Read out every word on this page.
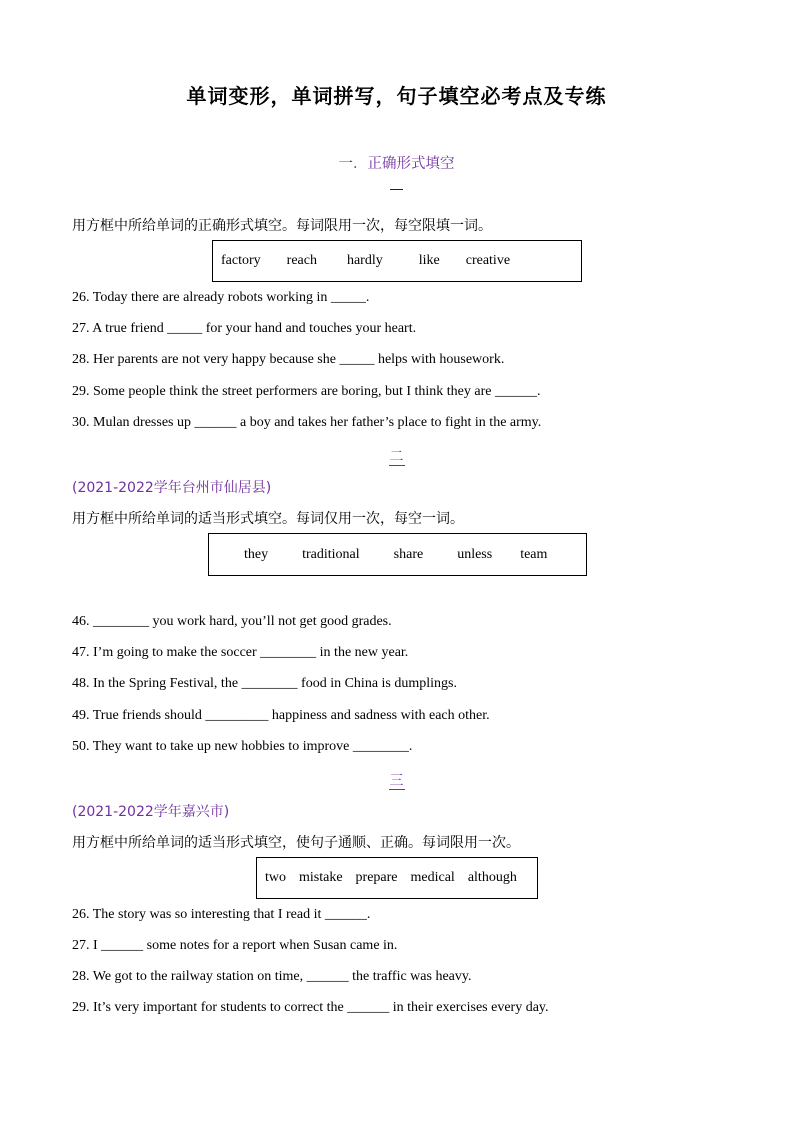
单词变形，单词拼写，句子填空必考点及专练
一．正确形式填空
用方框中所给单词的正确形式填空。每词限用一次，每空限填一词。
factory reach hardly	like creative
26. Today there are already robots working in _____.
27. A true friend _____ for your hand and touches your heart.
28. Her parents are not very happy because she _____ helps with housework.
29. Some people think the street performers are boring, but I think they are ______.
30. Mulan dresses up ______ a boy and takes her father’s place to fight in the army.
二
(2021-2022学年台州市仙居县)
用方框中所给单词的适当形式填空。每词仅用一次，每空一词。
they traditional share unless team
46. ________ you work hard, you’ll not get good grades.
47. I’m going to make the soccer ________ in the new year.
48. In the Spring Festival, the ________ food in China is dumplings.
49. True friends should _________ happiness and sadness with each other.
50. They want to take up new hobbies to improve ________.
三
(2021-2022学年嘉兴市)
用方框中所给单词的适当形式填空，使句子通顺、正确。每词限用一次。
two mistake prepare medical although
26. The story was so interesting that I read it ______.
27. I ______ some notes for a report when Susan came in.
28. We got to the railway station on time, ______ the traffic was heavy.
29. It’s very important for students to correct the ______ in their exercises every day.
